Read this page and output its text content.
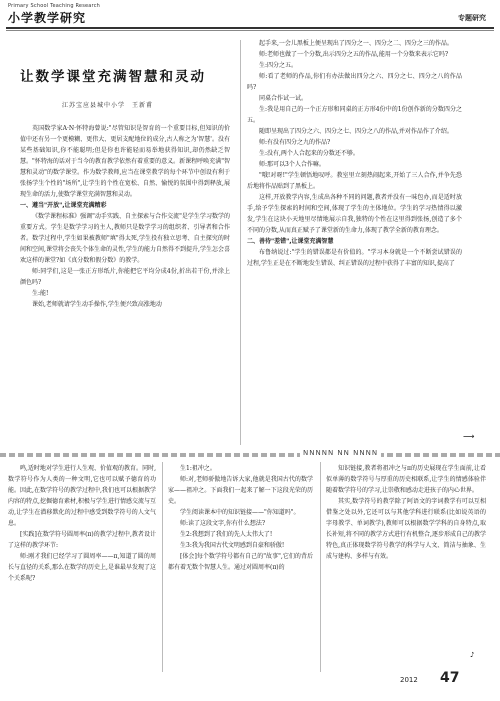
Primary School Teaching Research
小学教学研究	专题研究
让数学课堂充满智慧和灵动
江苏宝应县城中小学　王新甫

英国数学家A·N·怀特海曾说:"尽管知识是智育的一个重要目标,但知识的价值中还有另一个更模糊、更伟大、更居支配地位的成分,古人称之为'智慧'。没有某些基础知识,你不能聪明;但是你也许能轻而易举地获得知识,却仍然缺乏智慧。"怀特海的话对于当今的教育教学依然有着重要的意义。新课程呼唤充满"智慧和灵动"的数学课堂。作为数学教师,应当在课堂教学的每个环节中创设有利于张扬学生个性的"场所",让学生的个性在宽松、自然、愉悦的氛围中得到释放,展现生命的活力,使数学课堂充满智慧和灵动。

一、遵当"开放",让课堂充满精彩

《数学课程标准》强调"动手实践、自主探索与合作交流"是学生学习数学的重要方式。学生是数学学习的主人,教师只是数学学习的组织者、引导者和合作者。数学过程中,学生如果被教师"填"得太死,学生投有独立思考、自主探究的时间和空间,课堂将会丧失个体生命的灵性,学生的能力自然得不到提升,学生怎会喜欢这样的课堂?如《真分数和假分数》的教学。

师:同学们,这是一张正方形纸片,你能把它平均分成4份,折出若干份,并涂上颜色吗?

生:能!

课始,老师就请学生动手操作,学生便兴致高涨地动

起手来,一会儿黑板上便呈现出了四分之一、四分之二、四分之三的作品。

师:老师也做了一个分数,出示四分之五的作品,能用一个分数来表示它吗?

生:四分之五。

师:看了老师的作品,你们有办法做出四分之六、四分之七、四分之八的作品吗?

同桌合作试一试。

生:我是用自己的一个正方形和同桌的正方形4份中的1份创作新的分数四分之五。

随即呈现出了四分之六、四分之七、四分之八的作品,并对作品作了介绍。

师:有没有四分之九的作品?

生:没有,两个人合起来的分数还不够。

师:那可以3个人合作嘛。

"哦!对呀!"学生顿悟地叹呼。教室里立刻热闹起来,开始了三人合作,并争先恐后地将作品贴到了黑板上。

这样,开放教学内容,生成出各种不同的问题,教者并没有一味包办,而是适时放手,给予学生探索的时间和空间,体现了学生的主体地位。学生的学习热情得以激发,学生在这块小天地里尽情地展示自我,独特的个性在这里得到张扬,创造了多个不同的分数,从而真正赋予了课堂新的生命力,体现了教学全新的教育理念。

二、善待"差错",让课堂充满智慧

布鲁纳说过:"学生的错误都是有价值的。"学习本身就是一个不断尝试错误的过程,学生正是在不断地发生错误、纠正错误的过程中获得了丰富的知识,提高了

⟶
NNNNN NN NNNN

鸣,适时地对学生进行人生观、价值观的教育。同时,数学符号作为人类的一种文明,它也可以赋予德育的功能。因此,在数学符号的教学过程中,我们也可以根据教学内容的特点,挖掘德育素材,积极与学生进行情感交流与互动,让学生在潜移默化的过程中感受到数学符号的人文气息。

[实践]在数学符号圆周率(π)的教学过程中,教者设计了这样的教学环节:

师:刚才我们已经学习了圆周率——π,知道了圆的周长与直径的关系,那么在数学的历史上,是谁最早发现了这个关系呢?

生1:祖冲之。

师:对,老师骄傲地告诉大家,他就是我国古代的数学家——祖冲之。下面我们一起来了解一下这段光荣的历史。

学生阅读课本中的知识链接——"你知道吗"。

师:读了这段文字,你有什么想法?

生2:我想到了我们的先人太伟大了!

生3:我为我国古代文明感到自豪和骄傲!

[体会]每个数学符号都有自己的"故事",它们的背后都有着无数个智慧人生。通过对圆周率(π)的

知识链接,教者将祖冲之与π的历史展现在学生面前,让看似单薄的数学符号与厚重的历史相联系,让学生的情感体验伴随着数学符号的学习,让崇敬和感动走进孩子的内心世界。

其实,数学符号的教学除了阿语文的字词教学有可以互相借鉴之处以外,它还可以与其他学科进行联系(比如说英语的字母教学、单词教学),教师可以根据数学学科的自身特点,取长补短,将不同的教学方式进行有机整合,逐步形成自己的教学特色,真正体现数学符号教学的科学与人文、简洁与抽象、生成与建构、多样与有效。

♪
2012 47
